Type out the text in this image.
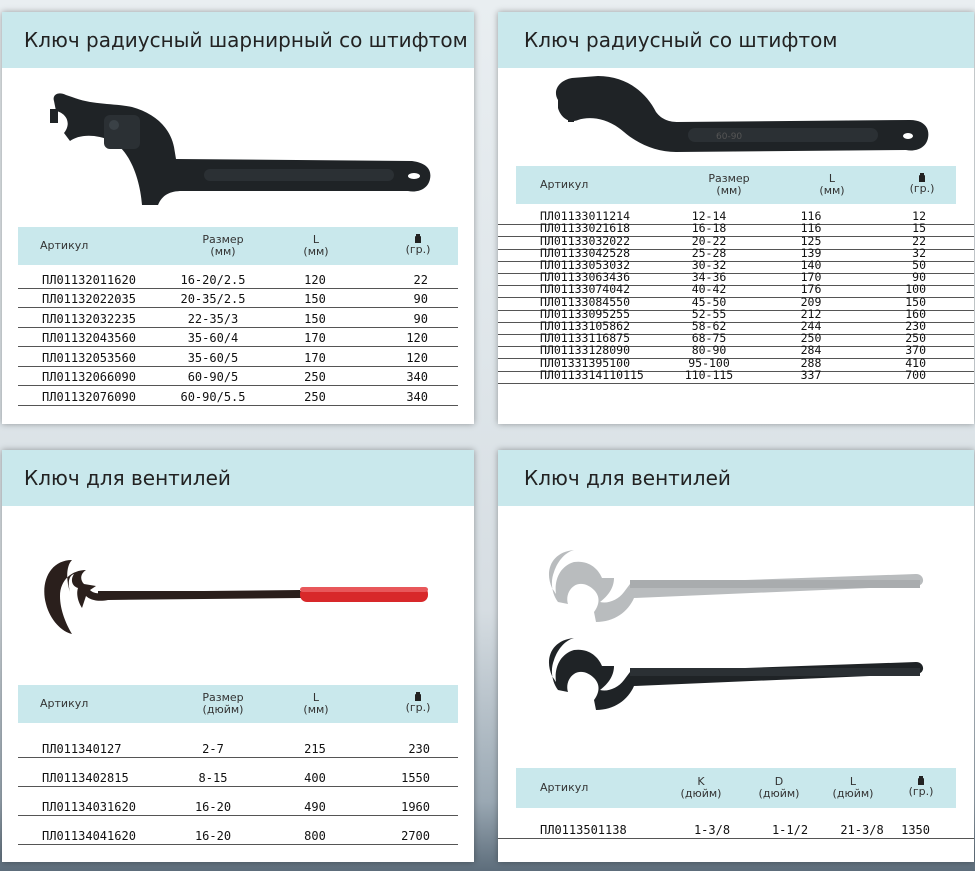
Ключ радиусный шарнирный со штифтом
Артикул	Размер
(мм)
L
(мм)	(гр.)
ПЛ01132011620	16-20/2.5	120	22
ПЛ01132022035	20-35/2.5	150	90
ПЛ01132032235	22-35/3	150	90
ПЛ01132043560	35-60/4	170	120
ПЛ01132053560	35-60/5	170	120
ПЛ01132066090	60-90/5	250	340
ПЛ01132076090	60-90/5.5	250	340
Ключ радиусный со штифтом
60-90
Артикул	Размер
(мм)
L
(мм)	(гр.)
ПЛ01133011214	12-14	116	12
ПЛ01133021618	16-18	116	15
ПЛ01133032022	20-22	125	22
ПЛ01133042528	25-28	139	32
ПЛ01133053032	30-32	140	50
ПЛ01133063436	34-36	170	90
ПЛ01133074042	40-42	176	100
ПЛ01133084550	45-50	209	150
ПЛ01133095255	52-55	212	160
ПЛ01133105862	58-62	244	230
ПЛ01133116875	68-75	250	250
ПЛ01133128090	80-90	284	370
ПЛ01331395100	95-100	288	410
ПЛ0113314110115	110-115	337	700
Ключ для вентилей
Артикул	Размер
(дюйм)
L
(мм)	(гр.)
ПЛ011340127	2-7	215	230
ПЛ0113402815	8-15	400	1550
ПЛ01134031620	16-20	490	1960
ПЛ01134041620	16-20	800	2700
Ключ для вентилей
Артикул	K
(дюйм)
D
(дюйм)
L
(дюйм)	(гр.)
ПЛ0113501138	1-3/8	1-1/2	21-3/8 1350
